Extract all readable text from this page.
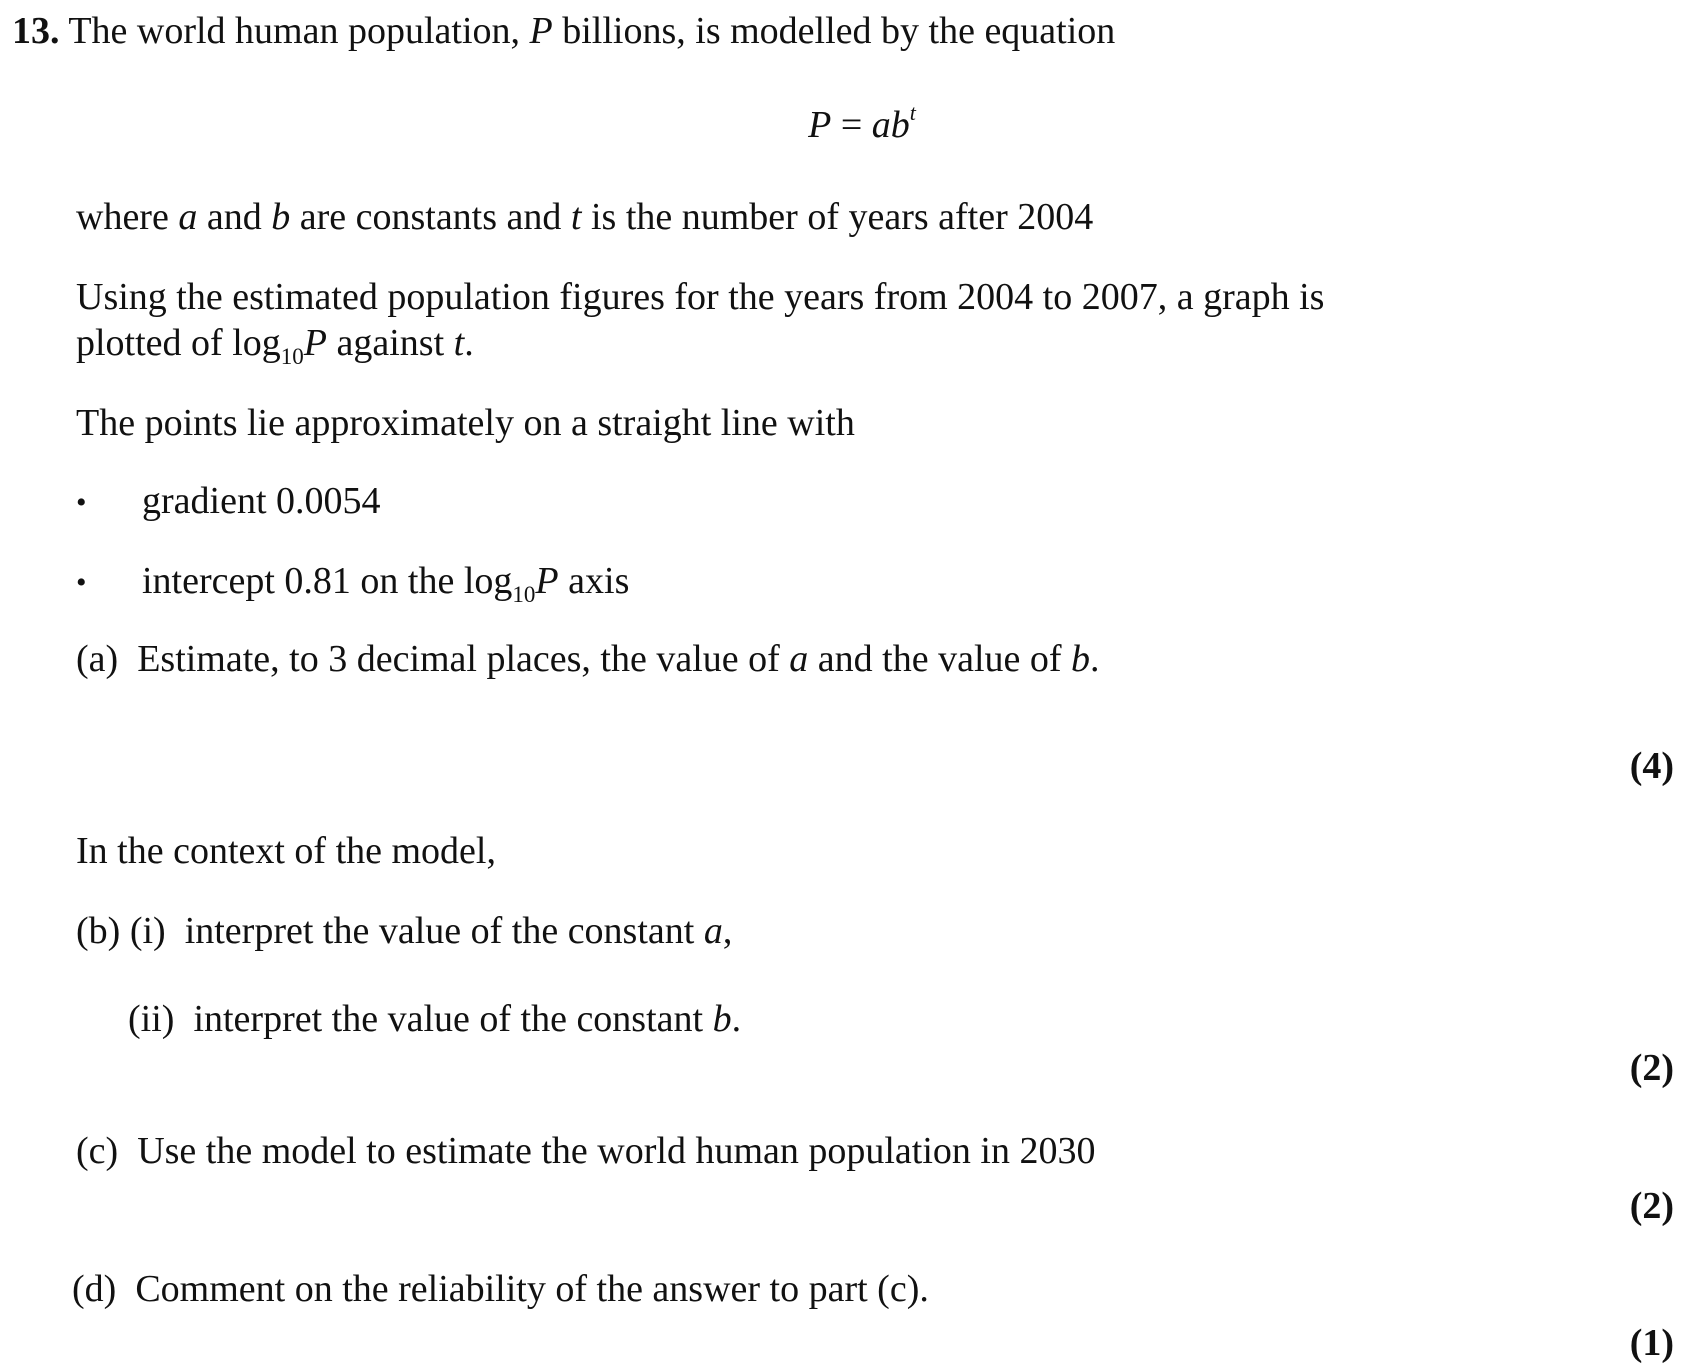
13. The world human population, P billions, is modelled by the equation
$P = ab^t$
where a and b are constants and t is the number of years after 2004
Using the estimated population figures for the years from 2004 to 2007, a graph is
plotted of $\log_{10}P$ against t.
The points lie approximately on a straight line with
• gradient 0.0054
• intercept 0.81 on the $\log_{10}P$ axis
(a) Estimate, to 3 decimal places, the value of a and the value of b.
(4)
In the context of the model,
(b) (i) interpret the value of the constant a,
(ii) interpret the value of the constant b.
(2)
(c) Use the model to estimate the world human population in 2030
(2)
(d) Comment on the reliability of the answer to part (c).
(1)
